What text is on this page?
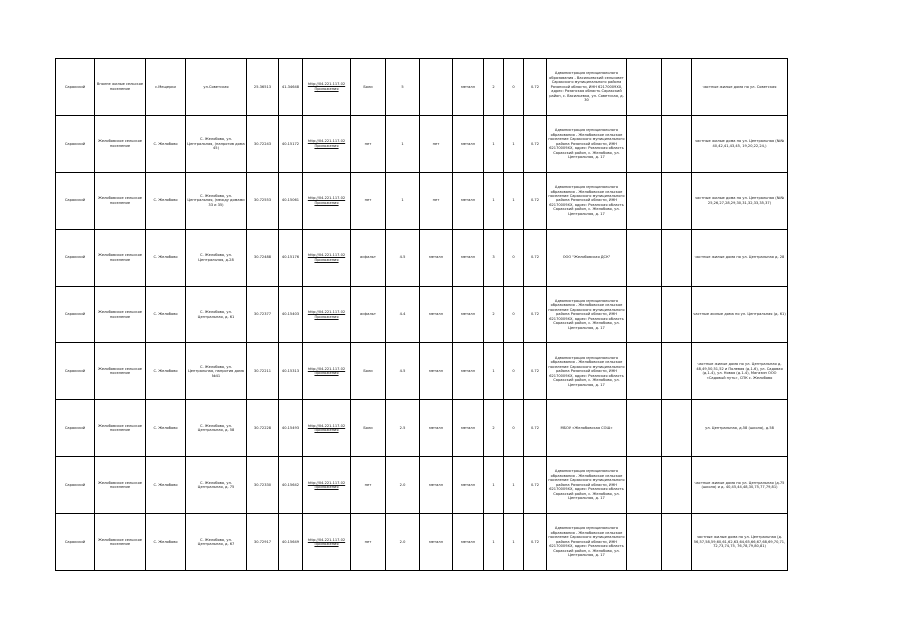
Саракский	Вполне жилые сельское поселение	с.Мещерки	ул.Советская	25.36513	41.34648	http://04.221.117.02 Приложения	Боли	5		металл	2	0	0.72	Администрация муниципального образования - Васильевский сельсовет Саракского муниципального района Рязанской области, ИНН 62170009XX, адрес: Рязанская область Саракский район, с. Васильевка, ул. Советская, д. 30			частные жилые дома по ул. Советская
Саракский	Желобовское сельское поселение	С. Желобово	С. Желобово, ул. Центральная, (напротив дома 45)	30.72243	40.15172	http://04.221.117.02 Приложения	нет	1	нет	металл	1	1	0.72	Администрация муниципального образования - Желобовское сельское поселение Саракского муниципального района Рязанской области, ИНН 62170009XX, адрес: Рязанская область Саракский район, с. Желобово, ул. Центральная, д. 17			частные жилые дома по ул. Центральная (№№ 40,42,41,43,45, 19,20,22,24,)
Саракский	Желобовское сельское поселение	С. Желобово	С. Желобово, ул. Центральная, (между домами 33 и 35)	30.72553	40.15061	http://04.221.117.02 Приложения	нет	1	нет	металл	1	1	0.72	Администрация муниципального образования - Желобовское сельское поселение Саракского муниципального района Рязанской области, ИНН 62170009XX, адрес: Рязанская область Саракский район, с. Желобово, ул. Центральная, д. 17			частные жилые дома по ул. Центральная (№№ 25,26,27,28,29,30,31,32,33,35,37)
Саракский	Желобовское сельское поселение	С. Желобово	С. Желобово, ул. Центральная, д.28	30.72488	40.15176	http://04.221.117.02 Приложения	асфальт	4.5	металл	металл	3	0	0.72	ООО "Желобовская ДСК"			частные жилые дома по ул. Центральная д. 28
Саракский	Желобовское сельское поселение	С. Желобово	С. Желобово, ул. Центральная, д. 61	30.72377	40.15403	http://04.221.117.02 Приложения	асфальт	4.4	металл	металл	2	0	0.72	Администрация муниципального образования - Желобовское сельское поселение Саракского муниципального района Рязанской области, ИНН 62170009XX, адрес: Рязанская область Саракский район, с. Желобово, ул. Центральная, д. 17			частные жилые дома по ул. Центральная (д. 61)
Саракский	Желобовское сельское поселение	С. Желобово	С. Желобово, ул. Центральная, напротив дома №41	30.72211	40.15313	http://04.221.117.02 Приложения	Боли	4.5	металл	металл	1	0	0.72	Администрация муниципального образования - Желобовское сельское поселение Саракского муниципального района Рязанской области, ИНН 62170009XX, адрес: Рязанская область Саракский район, с. Желобово, ул. Центральная, д. 17			частные жилые дома по ул. Центральная д. 48,49,50,51,52 и Полевая (д.1-6), ул. Садовая (д.1-4), ул. Новая (д.1-4), Магазин ООО «Садовый путь», СПК с. Желобово
Саракский	Желобовское сельское поселение	С. Желобово	С. Желобово, ул. Центральная, д. 58	30.72228	40.15493	http://04.221.117.02 Приложения	Боли	2.5	металл	металл	2	0	0.72	МБОУ «Желобовская СОШ»			ул. Центральная, д.58 (школа), д.58
Саракский	Желобовское сельское поселение	С. Желобово	С. Желобово, ул. Центральная, д. 75	30.72330	40.15642	http://04.221.117.02 Приложения	нет	2.0	металл	металл	1	1	0.72	Администрация муниципального образования - Желобовское сельское поселение Саракского муниципального района Рязанской области, ИНН 62170009XX, адрес: Рязанская область Саракский район, с. Желобово, ул. Центральная, д. 17			частные жилые дома по ул. Центральная (д.75 (школа) и д. 40,45,44,48,30,75,77,79,81)
Саракский	Желобовское сельское поселение	С. Желобово	С. Желобово, ул. Центральная, д. 67	30.72917	40.15649	http://04.221.117.02 Приложения	нет	2.0	металл	металл	1	1	0.72	Администрация муниципального образования - Желобовское сельское поселение Саракского муниципального района Рязанской области, ИНН 62170009XX, адрес: Рязанская область Саракский район, с. Желобово, ул. Центральная, д. 17			частные жилые дома по ул. Центральная (д. 56,57,58,59,60,61,62,63,64,65,66,67,68,69,70,71,72,73,74,75, 76,78,79,80,81)
